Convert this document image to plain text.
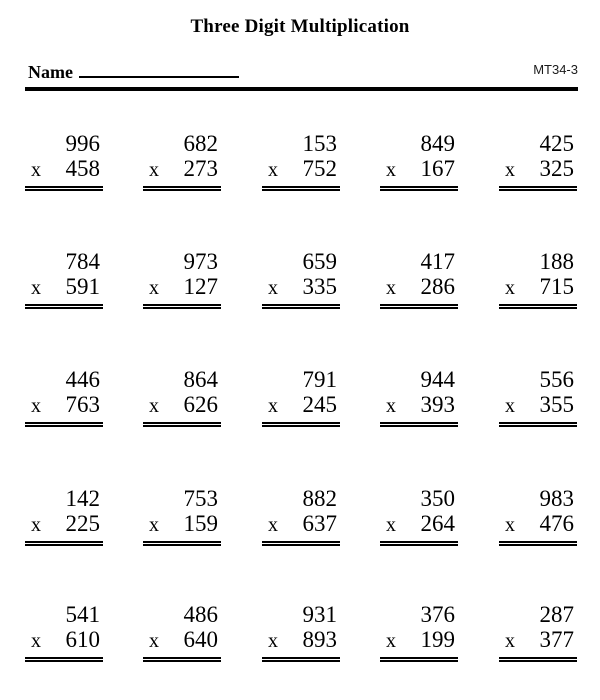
Three Digit Multiplication
Name	MT34-3
996
x 458
682
x 273
153
x 752
849
x 167
425
x 325
784
x 591
973
x 127
659
x 335
417
x 286
188
x 715
446
x 763
864
x 626
791
x 245
944
x 393
556
x 355
142
x 225
753
x 159
882
x 637
350
x 264
983
x 476
541
x 610
486
x 640
931
x 893
376
x 199
287
x 377
